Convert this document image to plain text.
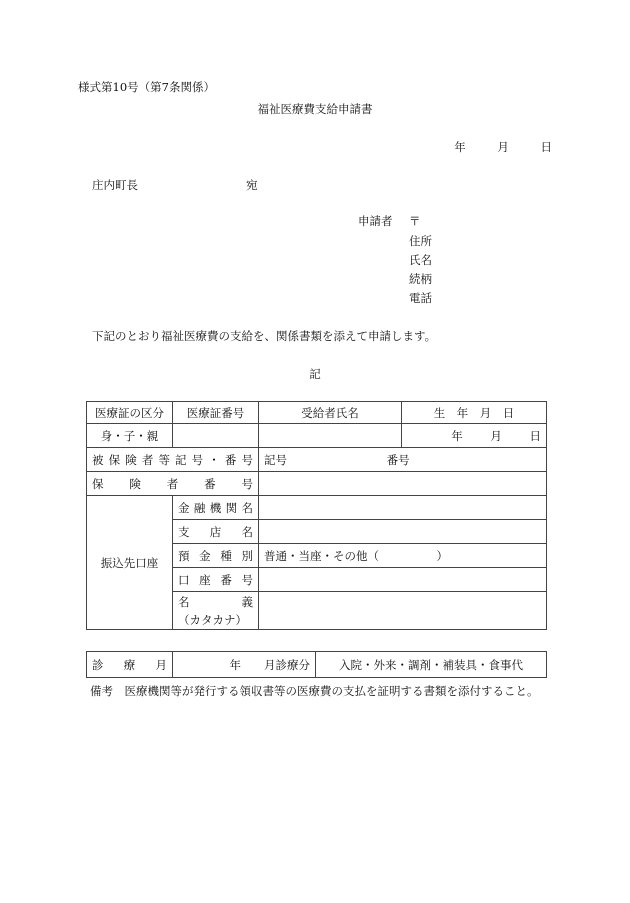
様式第10号（第7条関係）
福祉医療費支給申請書
年	月	日
庄内町長	宛
申請者 〒
住所
氏名
続柄
電話
下記のとおり福祉医療費の支給を、関係書類を添えて申請します。
記
医療証の区分	医療証番号	受給者氏名	生　年　月　日
身・子・親			年 月 日
被保険者等記号・番号		記号 番号	
保険者番号			
振込先口座	金融機関名		
	支店名		
	預金種別	普通・当座・その他（　　　　　）	
	口座番号		

	名義
（カタカナ）		

診療月	年　　月診療分	入院・外来・調剤・補装具・食事代
備考　医療機関等が発行する領収書等の医療費の支払を証明する書類を添付すること。
